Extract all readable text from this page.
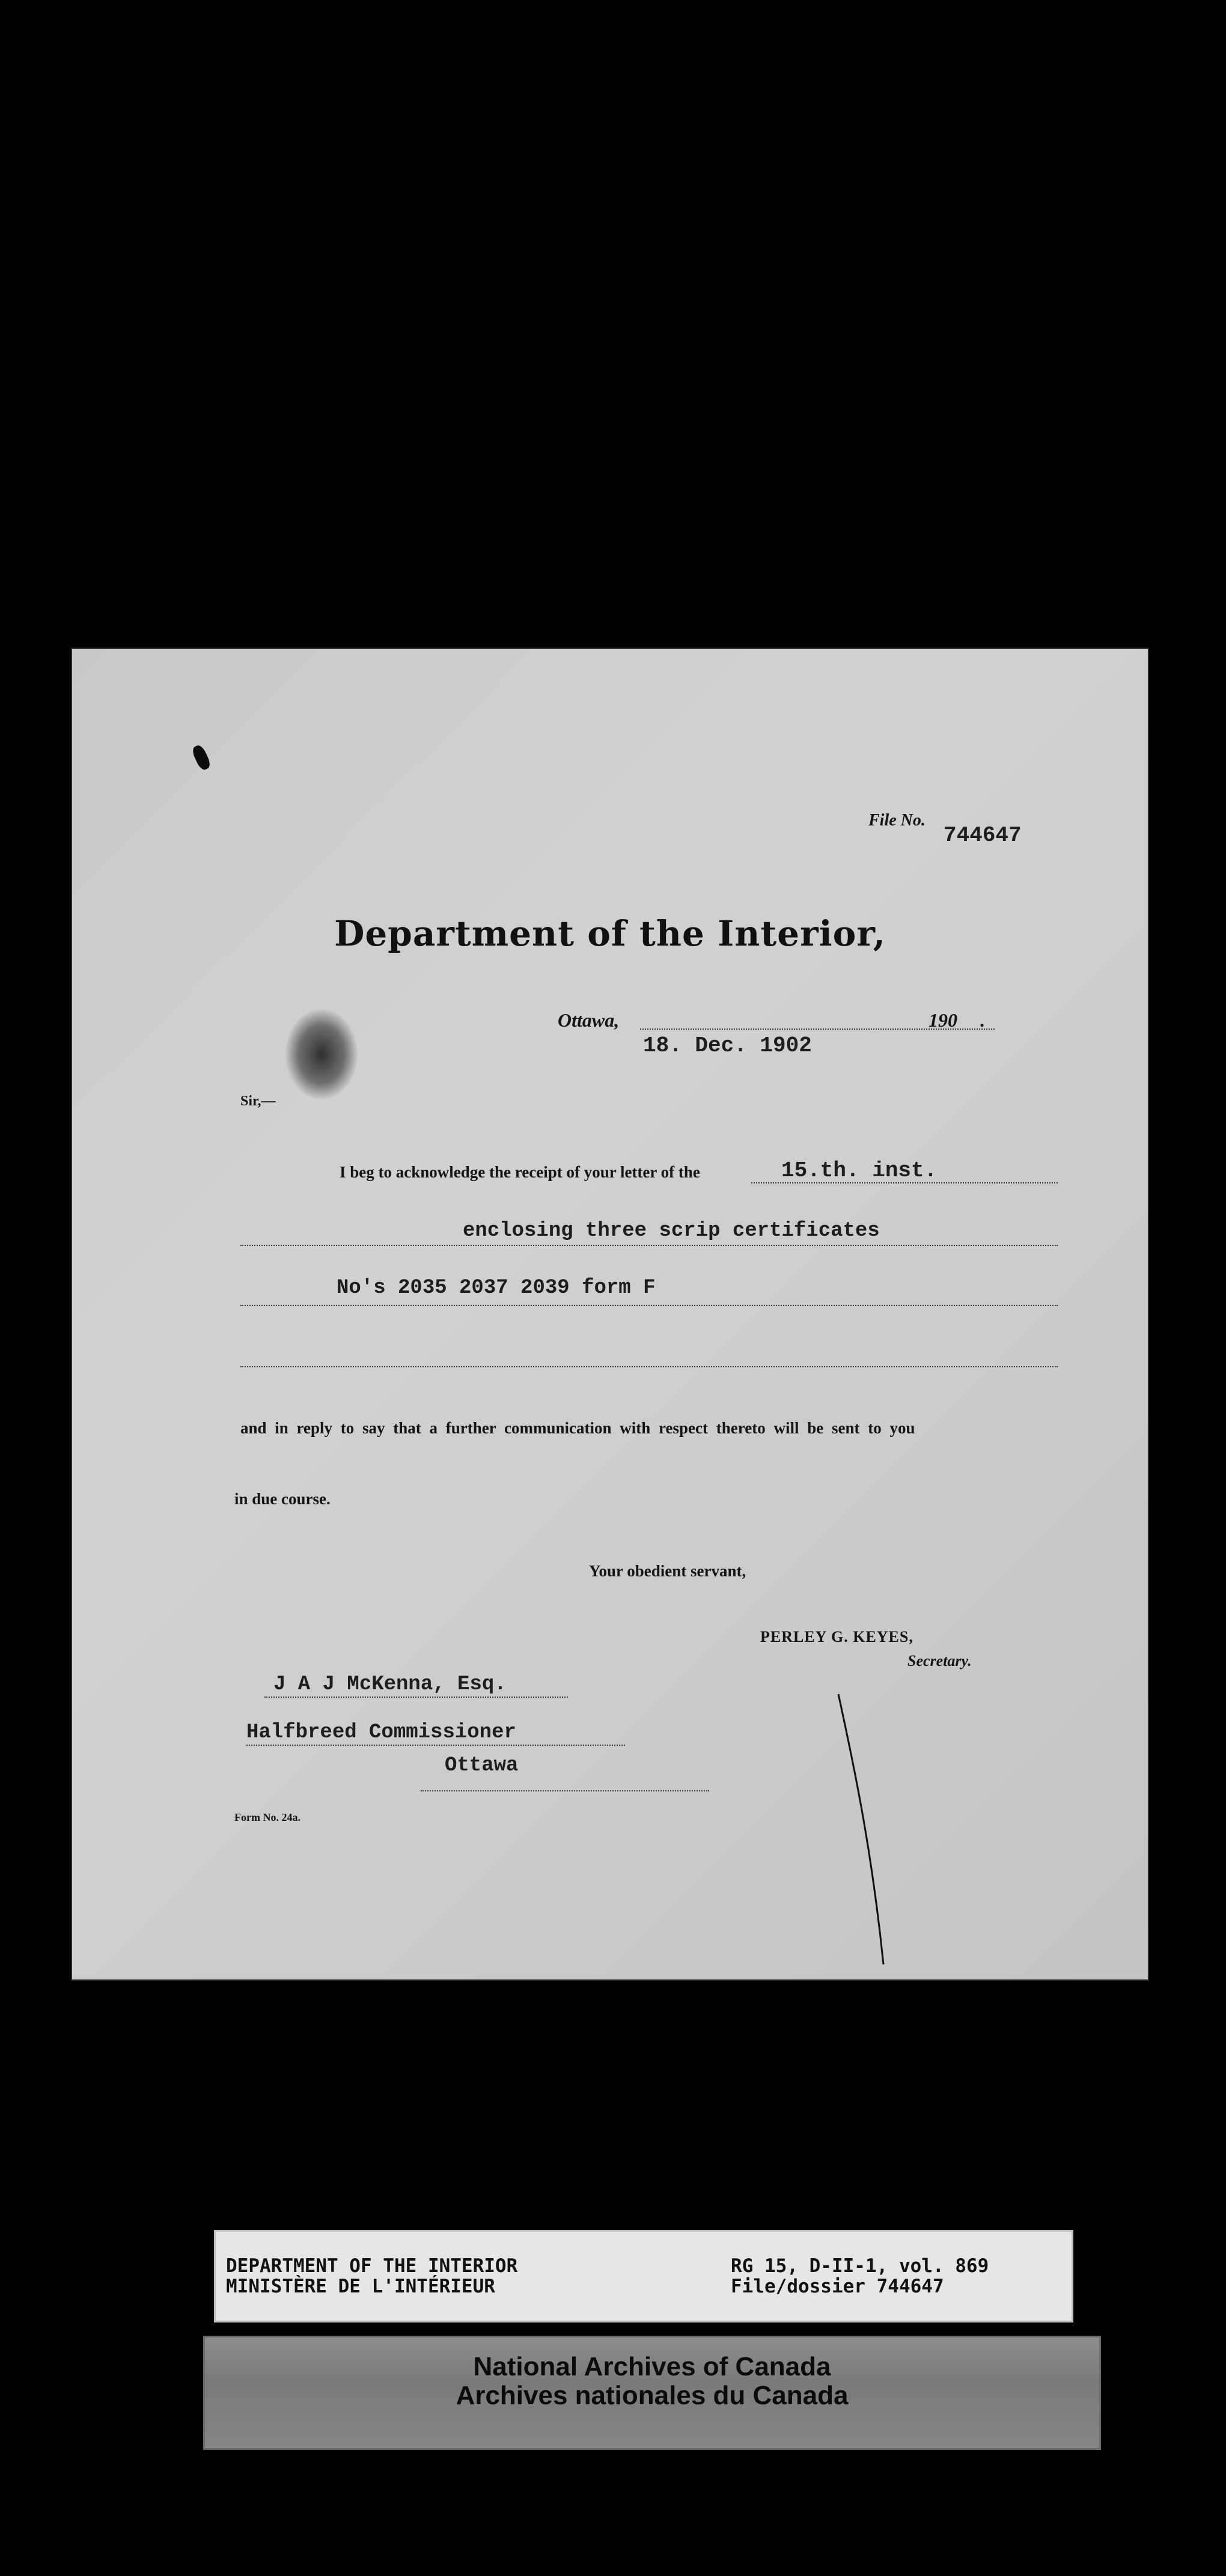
File No.
744647
Department of the Interior,
Ottawa,	190 .
18. Dec. 1902
Sir,—
I beg to acknowledge the receipt of your letter of the	15.th. inst.
enclosing three scrip certificates
No's 2035 2037 2039 form F
and in reply to say that a further communication with respect thereto will be sent to you
in due course.
Your obedient servant,
PERLEY G. KEYES,
Secretary.
J A J McKenna, Esq.
Halfbreed Commissioner
Ottawa
Form No. 24a.
DEPARTMENT OF THE INTERIOR
MINISTÈRE DE L'INTÉRIEUR
RG 15, D-II-1, vol. 869
File/dossier 744647
National Archives of Canada
Archives nationales du Canada
